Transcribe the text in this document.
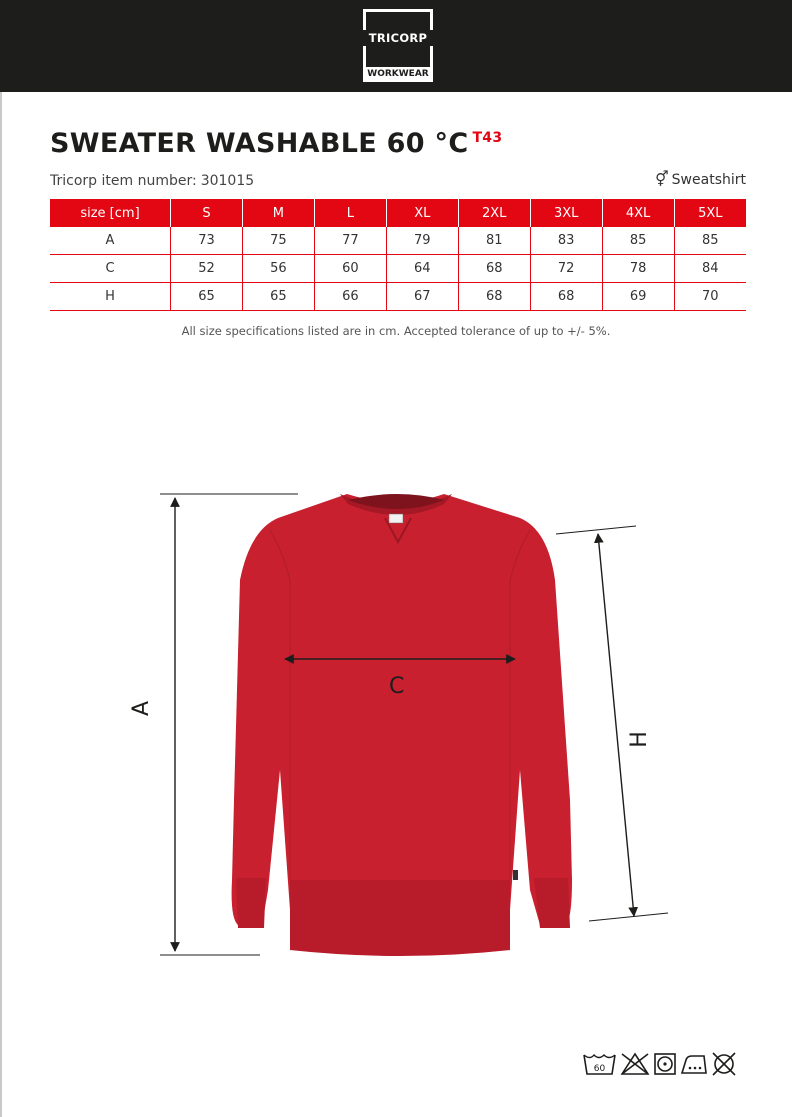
TRICORP
WORKWEAR
SWEATER WASHABLE 60 °C $^{T43}$
Tricorp item number: 301015	⚥ Sweatshirt
size [cm]	S	M	L	XL	2XL	3XL	4XL	5XL
A	73	75	77	79	81	83	85	85
C	52	56	60	64	68	72	78	84
H	65	65	66	67	68	68	69	70
All size specifications listed are in cm. Accepted tolerance of up to +/- 5%.
C
A
H
60
